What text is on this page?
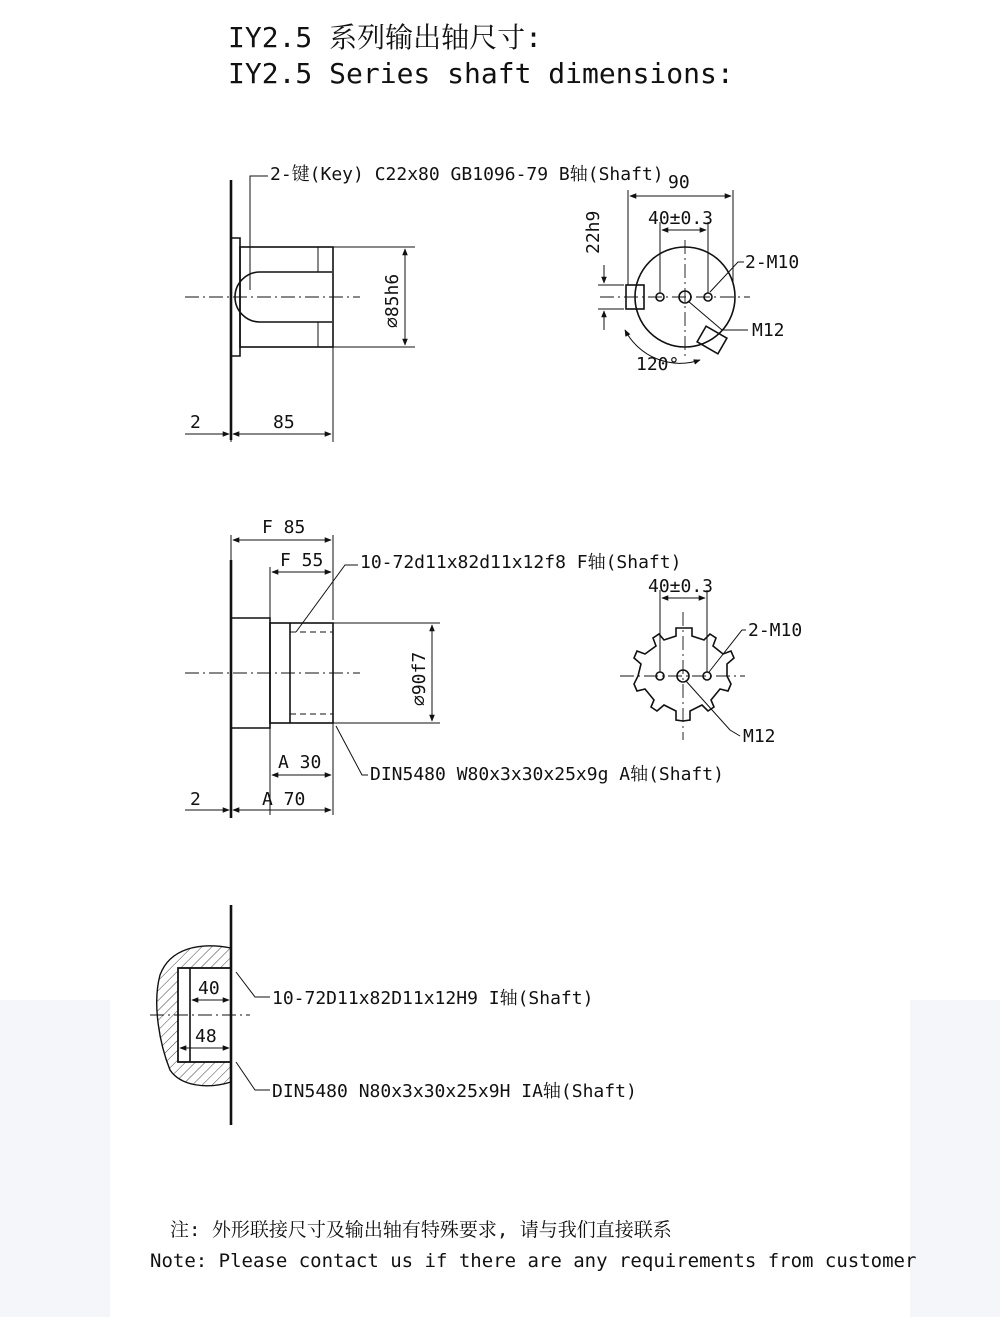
IY2.5 系列输出轴尺寸:
IY2.5 Series shaft dimensions:
2-键(Key) C22x80 GB1096-79 B轴(Shaft)
∅85h6
2	85
90
40±0.3
22h9
2-M10
M12
120°
F 85
F 55 10-72d11x82d11x12f8 F轴(Shaft)
∅90f7
DIN5480 W80x3x30x25x9g A轴(Shaft)
A 30
2	A 70
40±0.3
2-M10
M12
40
48
10-72D11x82D11x12H9 I轴(Shaft)
DIN5480 N80x3x30x25x9H IA轴(Shaft)
注: 外形联接尺寸及输出轴有特殊要求, 请与我们直接联系
Note: Please contact us if there are any requirements from customer
